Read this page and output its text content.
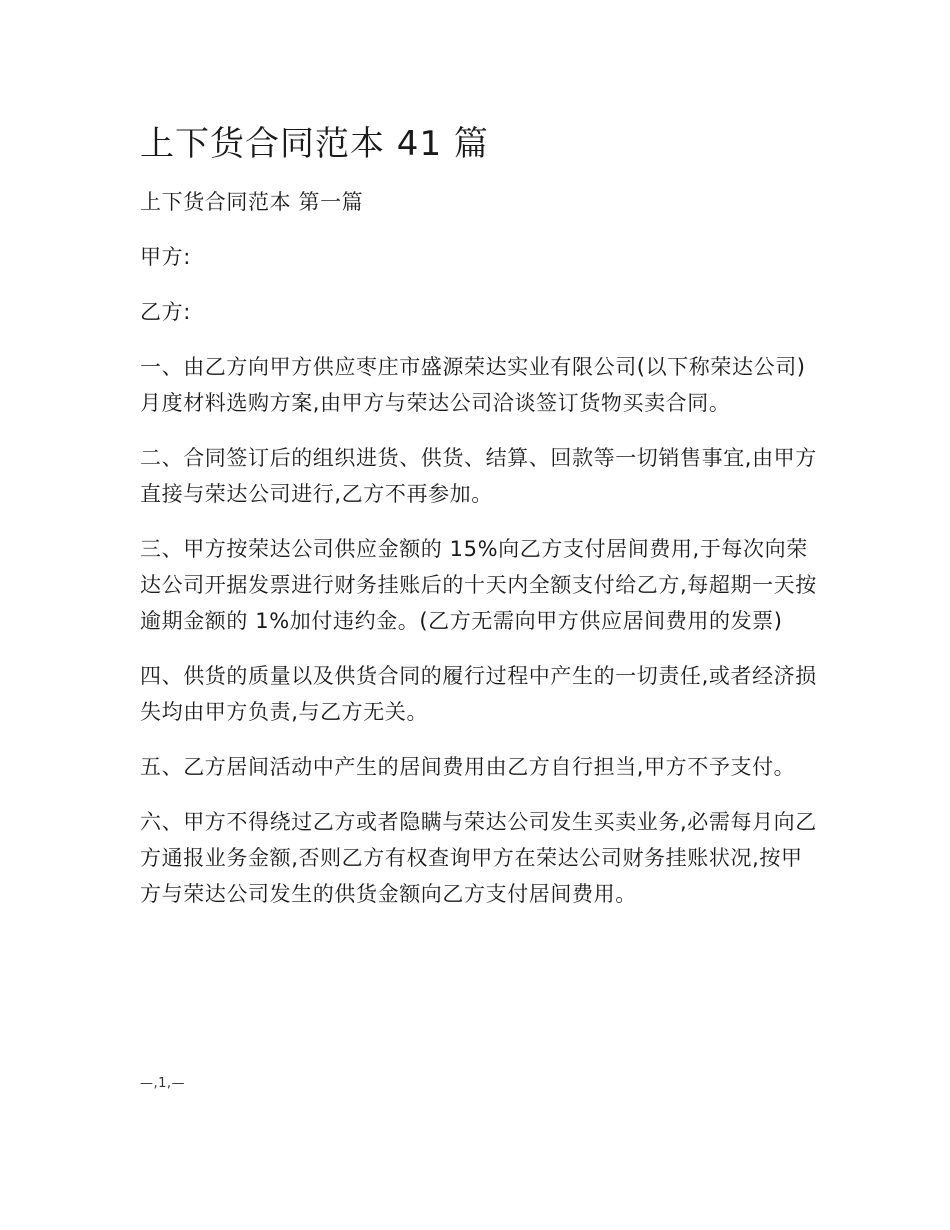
上下货合同范本 41 篇

上下货合同范本 第一篇

甲方:

乙方:

一、由乙方向甲方供应枣庄市盛源荣达实业有限公司(以下称荣达公司)月度材料选购方案,由甲方与荣达公司洽谈签订货物买卖合同。

二、合同签订后的组织进货、供货、结算、回款等一切销售事宜,由甲方直接与荣达公司进行,乙方不再参加。

三、甲方按荣达公司供应金额的 15%向乙方支付居间费用,于每次向荣达公司开据发票进行财务挂账后的十天内全额支付给乙方,每超期一天按逾期金额的 1%加付违约金。(乙方无需向甲方供应居间费用的发票)

四、供货的质量以及供货合同的履行过程中产生的一切责任,或者经济损失均由甲方负责,与乙方无关。

五、乙方居间活动中产生的居间费用由乙方自行担当,甲方不予支付。

六、甲方不得绕过乙方或者隐瞒与荣达公司发生买卖业务,必需每月向乙方通报业务金额,否则乙方有权查询甲方在荣达公司财务挂账状况,按甲方与荣达公司发生的供货金额向乙方支付居间费用。

—,1,—
